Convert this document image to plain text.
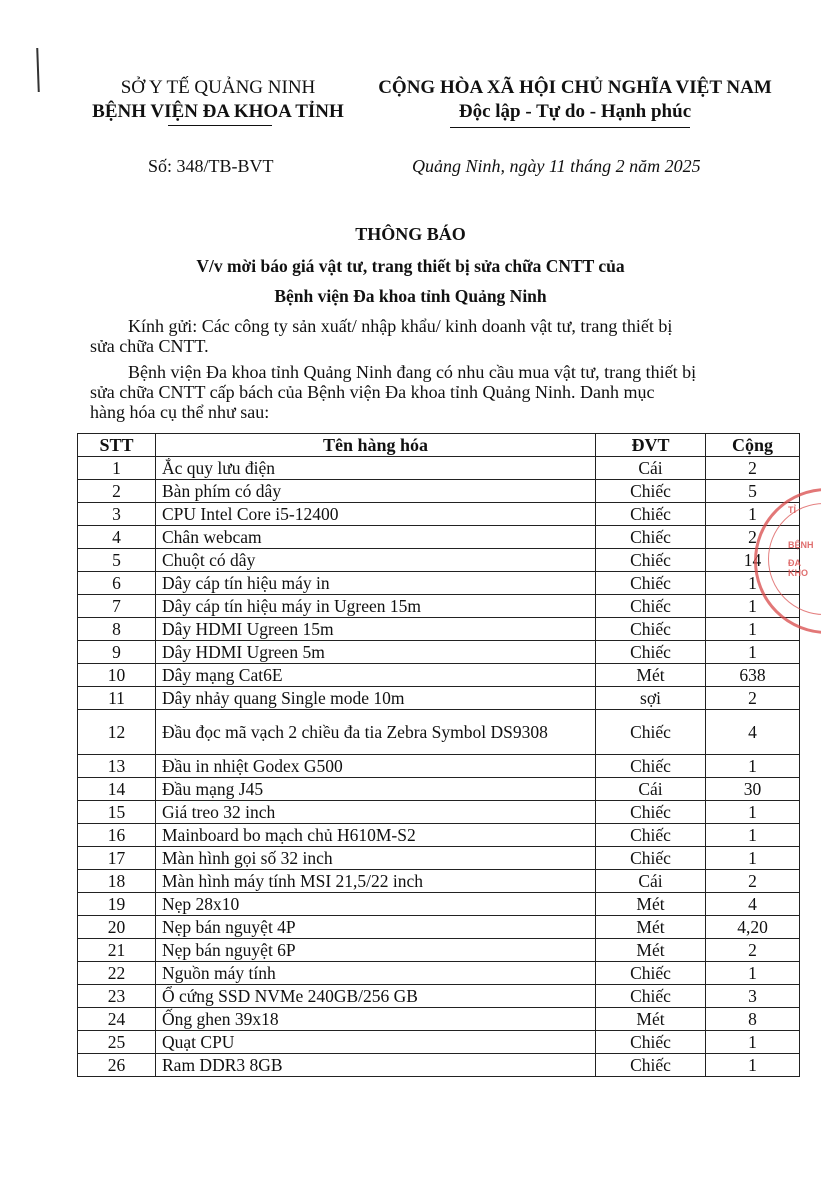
SỞ Y TẾ QUẢNG NINH
BỆNH VIỆN ĐA KHOA TỈNH
CỘNG HÒA XÃ HỘI CHỦ NGHĨA VIỆT NAM
Độc lập - Tự do - Hạnh phúc
Số: 348/TB-BVT	Quảng Ninh, ngày 11 tháng 2 năm 2025
THÔNG BÁO
V/v mời báo giá vật tư, trang thiết bị sửa chữa CNTT của
Bệnh viện Đa khoa tỉnh Quảng Ninh
Kính gửi: Các công ty sản xuất/ nhập khẩu/ kinh doanh vật tư, trang thiết bị
sửa chữa CNTT.
Bệnh viện Đa khoa tỉnh Quảng Ninh đang có nhu cầu mua vật tư, trang thiết bị
sửa chữa CNTT cấp bách của Bệnh viện Đa khoa tỉnh Quảng Ninh. Danh mục
hàng hóa cụ thể như sau:
STT	Tên hàng hóa	ĐVT	Cộng
1	Ắc quy lưu điện	Cái	2
2	Bàn phím có dây	Chiếc	5
3	CPU Intel Core i5-12400	Chiếc	1
4	Chân webcam	Chiếc	2
5	Chuột có dây	Chiếc	14
6	Dây cáp tín hiệu máy in	Chiếc	1
7	Dây cáp tín hiệu máy in Ugreen 15m	Chiếc	1
8	Dây HDMI Ugreen 15m	Chiếc	1
9	Dây HDMI Ugreen 5m	Chiếc	1
10	Dây mạng Cat6E	Mét	638
11	Dây nhảy quang Single mode 10m	sợi	2
12	Đầu đọc mã vạch 2 chiều đa tia Zebra Symbol DS9308	Chiếc	4
13	Đầu in nhiệt Godex G500	Chiếc	1
14	Đầu mạng J45	Cái	30
15	Giá treo 32 inch	Chiếc	1
16	Mainboard bo mạch chủ H610M-S2	Chiếc	1
17	Màn hình gọi số 32 inch	Chiếc	1
18	Màn hình máy tính MSI 21,5/22 inch	Cái	2
19	Nẹp 28x10	Mét	4
20	Nẹp bán nguyệt 4P	Mét	4,20
21	Nẹp bán nguyệt 6P	Mét	2
22	Nguồn máy tính	Chiếc	1
23	Ổ cứng SSD NVMe 240GB/256 GB	Chiếc	3
24	Ống ghen 39x18	Mét	8
25	Quạt CPU	Chiếc	1
26	Ram DDR3 8GB	Chiếc	1
TỈ
BỆNH
ĐA KHO
